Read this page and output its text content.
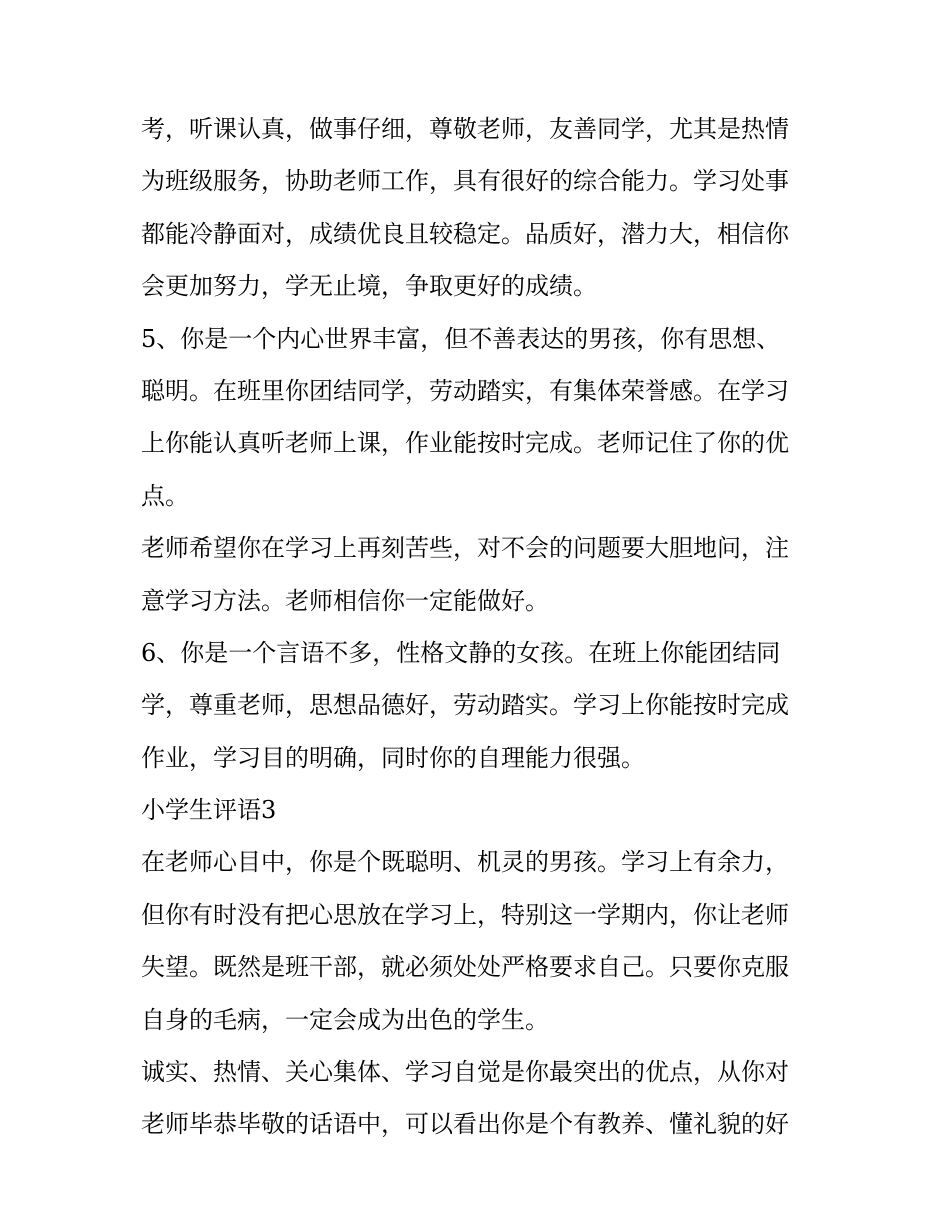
考，听课认真，做事仔细，尊敬老师，友善同学，尤其是热情
为班级服务，协助老师工作，具有很好的综合能力。学习处事
都能冷静面对，成绩优良且较稳定。品质好，潜力大，相信你
会更加努力，学无止境，争取更好的成绩。
5、你是一个内心世界丰富，但不善表达的男孩，你有思想、
聪明。在班里你团结同学，劳动踏实，有集体荣誉感。在学习
上你能认真听老师上课，作业能按时完成。老师记住了你的优
点。
老师希望你在学习上再刻苦些，对不会的问题要大胆地问，注
意学习方法。老师相信你一定能做好。
6、你是一个言语不多，性格文静的女孩。在班上你能团结同
学，尊重老师，思想品德好，劳动踏实。学习上你能按时完成
作业，学习目的明确，同时你的自理能力很强。
小学生评语3
在老师心目中，你是个既聪明、机灵的男孩。学习上有余力，
但你有时没有把心思放在学习上，特别这一学期内，你让老师
失望。既然是班干部，就必须处处严格要求自己。只要你克服
自身的毛病，一定会成为出色的学生。
诚实、热情、关心集体、学习自觉是你最突出的优点，从你对
老师毕恭毕敬的话语中，可以看出你是个有教养、懂礼貌的好
